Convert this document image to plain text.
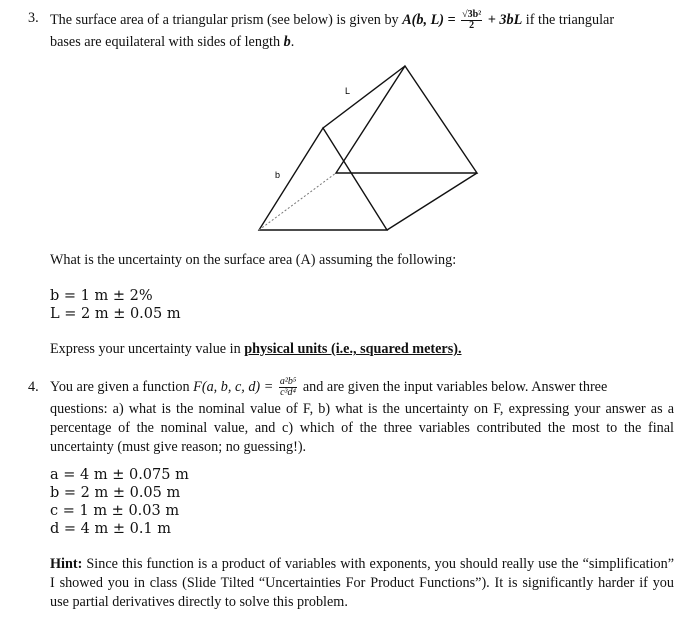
3. The surface area of a triangular prism (see below) is given by A(b, $L) = \frac{\text{√3b²}}{2} + 3bL$ if the triangular
bases are equilateral with sides of length b.
L
b
What is the uncertainty on the surface area (A) assuming the following:
b = 1 m ± 2%
L = 2 m ± 0.05 m
Express your uncertainty value in physical units (i.e., squared meters).
4. You are given a function F(a, b, c, $d) = \frac{\text{a²b⁵}}{\text{c³d⁴}}$ and are given the input variables below. Answer three
questions: a) what is the nominal value of F, b) what is the uncertainty on F, expressing your answer as a percentage of the nominal value, and c) which of the three variables contributed the most to the final uncertainty (must give reason; no guessing!).
a = 4 m ± 0.075 m
b = 2 m ± 0.05 m
c = 1 m ± 0.03 m
d = 4 m ± 0.1 m
Hint: Since this function is a product of variables with exponents, you should really use the “simplification” I showed you in class (Slide Tilted “Uncertainties For Product Functions”). It is significantly harder if you use partial derivatives directly to solve this problem.
